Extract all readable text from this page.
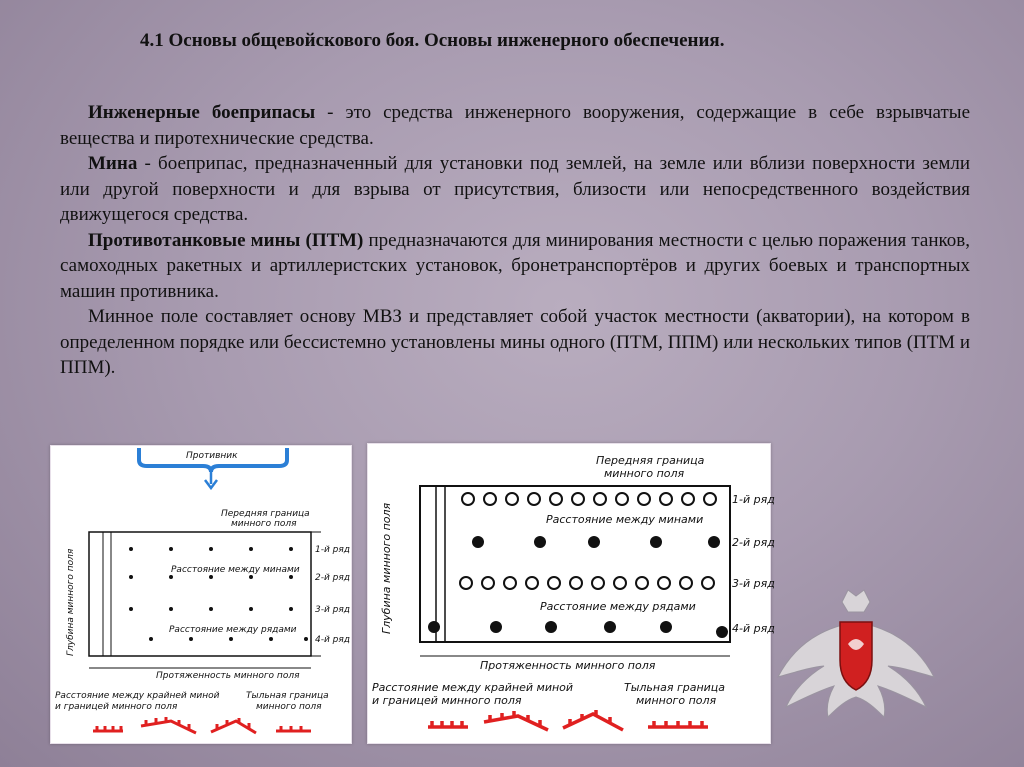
4.1 Основы общевойскового боя. Основы инженерного обеспечения.

Инженерные боеприпасы - это средства инженерного вооружения, содержащие в себе взрывчатые вещества и пиротехнические средства.

Мина - боеприпас, предназначенный для установки под землей, на земле или вблизи поверхности земли или другой поверхности и для взрыва от присутствия, близости или непосредственного воздействия движущегося средства.

Противотанковые мины (ПТМ) предназначаются для минирования местности с целью поражения танков, самоходных ракетных и артиллеристских установок, бронетранспортёров и других боевых и транспортных машин противника.

Минное поле составляет основу МВЗ и представляет собой участок местности (акватории), на котором в определенном порядке или бессистемно установлены мины одного (ПТМ, ППМ) или нескольких типов (ПТМ и ППМ).

Противник
Передняя граница
минного поля
Глубина минного поля	Расстояние между минами
Расстояние между рядами
1-й ряд
2-й ряд
3-й ряд
4-й ряд
Протяженность минного поля
Расстояние между крайней миной
и границей минного поля
Тыльная граница
минного поля
Передняя граница
минного поля
Глубина минного поля	Расстояние между минами
Расстояние между рядами
1-й ряд
2-й ряд
3-й ряд
4-й ряд
Протяженность минного поля
Расстояние между крайней миной
и границей минного поля
Тыльная граница
минного поля
